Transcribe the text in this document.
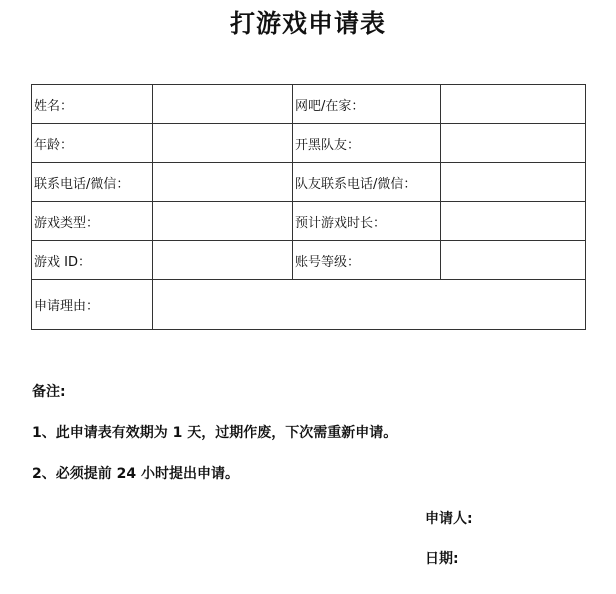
打游戏申请表
姓名：		网吧/在家：	
年龄：		开黑队友：	
联系电话/微信：		队友联系电话/微信：	
游戏类型：		预计游戏时长：	
游戏 ID：		账号等级：	
申请理由：			
备注:
1、此申请表有效期为 1 天，过期作废，下次需重新申请。
2、必须提前 24 小时提出申请。
申请人:
日期:
